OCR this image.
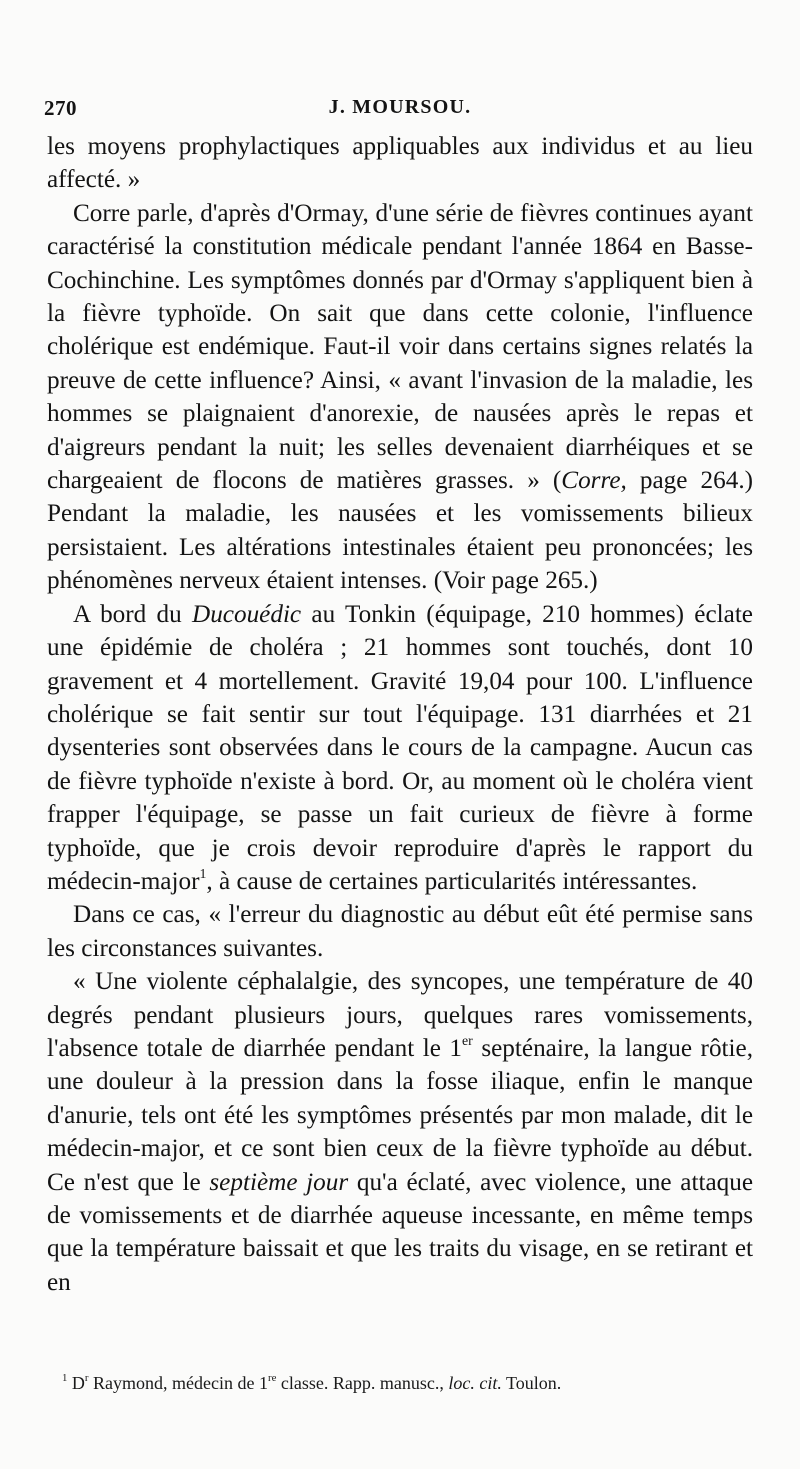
270	J. MOURSOU.

les moyens prophylactiques appliquables aux individus et au lieu affecté. »

Corre parle, d'après d'Ormay, d'une série de fièvres continues ayant caractérisé la constitution médicale pendant l'année 1864 en Basse-Cochinchine. Les symptômes donnés par d'Ormay s'appliquent bien à la fièvre typhoïde. On sait que dans cette colonie, l'influence cholérique est endémique. Faut-il voir dans certains signes relatés la preuve de cette influence? Ainsi, « avant l'invasion de la maladie, les hommes se plaignaient d'anorexie, de nausées après le repas et d'aigreurs pendant la nuit; les selles devenaient diarrhéiques et se chargeaient de flocons de matières grasses. » (Corre, page 264.) Pendant la maladie, les nausées et les vomissements bilieux persistaient. Les altérations intestinales étaient peu prononcées; les phénomènes nerveux étaient intenses. (Voir page 265.)

A bord du Ducouédic au Tonkin (équipage, 210 hommes) éclate une épidémie de choléra ; 21 hommes sont touchés, dont 10 gravement et 4 mortellement. Gravité 19,04 pour 100. L'influence cholérique se fait sentir sur tout l'équipage. 131 diarrhées et 21 dysenteries sont observées dans le cours de la campagne. Aucun cas de fièvre typhoïde n'existe à bord. Or, au moment où le choléra vient frapper l'équipage, se passe un fait curieux de fièvre à forme typhoïde, que je crois devoir reproduire d'après le rapport du médecin-major$^1$, à cause de certaines particularités intéressantes.

Dans ce cas, « l'erreur du diagnostic au début eût été permise sans les circonstances suivantes.

« Une violente céphalalgie, des syncopes, une température de 40 degrés pendant plusieurs jours, quelques rares vomissements, l'absence totale de diarrhée pendant le 1er septénaire, la langue rôtie, une douleur à la pression dans la fosse iliaque, enfin le manque d'anurie, tels ont été les symptômes présentés par mon malade, dit le médecin-major, et ce sont bien ceux de la fièvre typhoïde au début. Ce n'est que le septième jour qu'a éclaté, avec violence, une attaque de vomissements et de diarrhée aqueuse incessante, en même temps que la température baissait et que les traits du visage, en se retirant et en

$^1$ $D^r$ Raymond, médecin de 1re classe. Rapp. manusc., loc. cit. Toulon.
